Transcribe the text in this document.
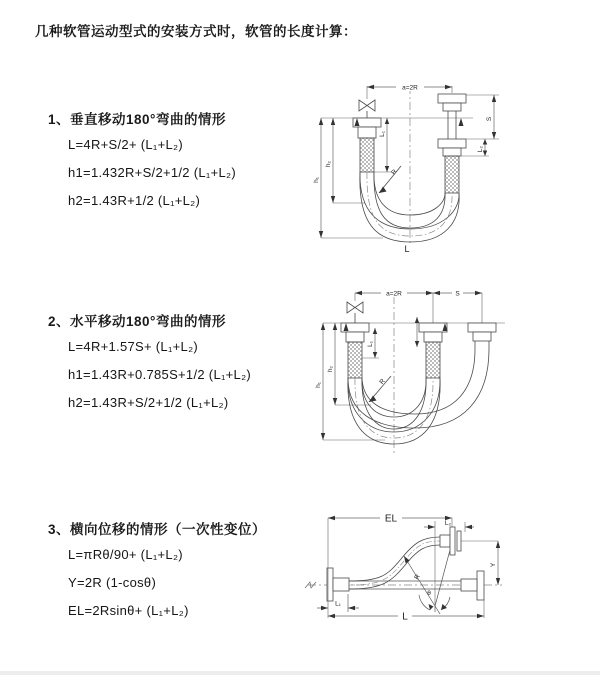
几种软管运动型式的安装方式时，软管的长度计算：
1、垂直移动180°弯曲的情形
L=4R+S/2+ (L₁+L₂)
h1=1.432R+S/2+1/2 (L₁+L₂)
h2=1.43R+1/2 (L₁+L₂)
2、水平移动180°弯曲的情形
L=4R+1.57S+ (L₁+L₂)
h1=1.43R+0.785S+1/2 (L₁+L₂)
h2=1.43R+S/2+1/2 (L₁+L₂)
3、横向位移的情形（一次性变位）
L=πRθ/90+ (L₁+L₂)
Y=2R (1-cosθ)
EL=2Rsinθ+ (L₁+L₂)
a=2R
S
L₂
h₁
h₂
L₁
R
L
a=2R	S
h₁
h₂
L₁
R
EL	L₂
Y
L
L₁
R
θ
